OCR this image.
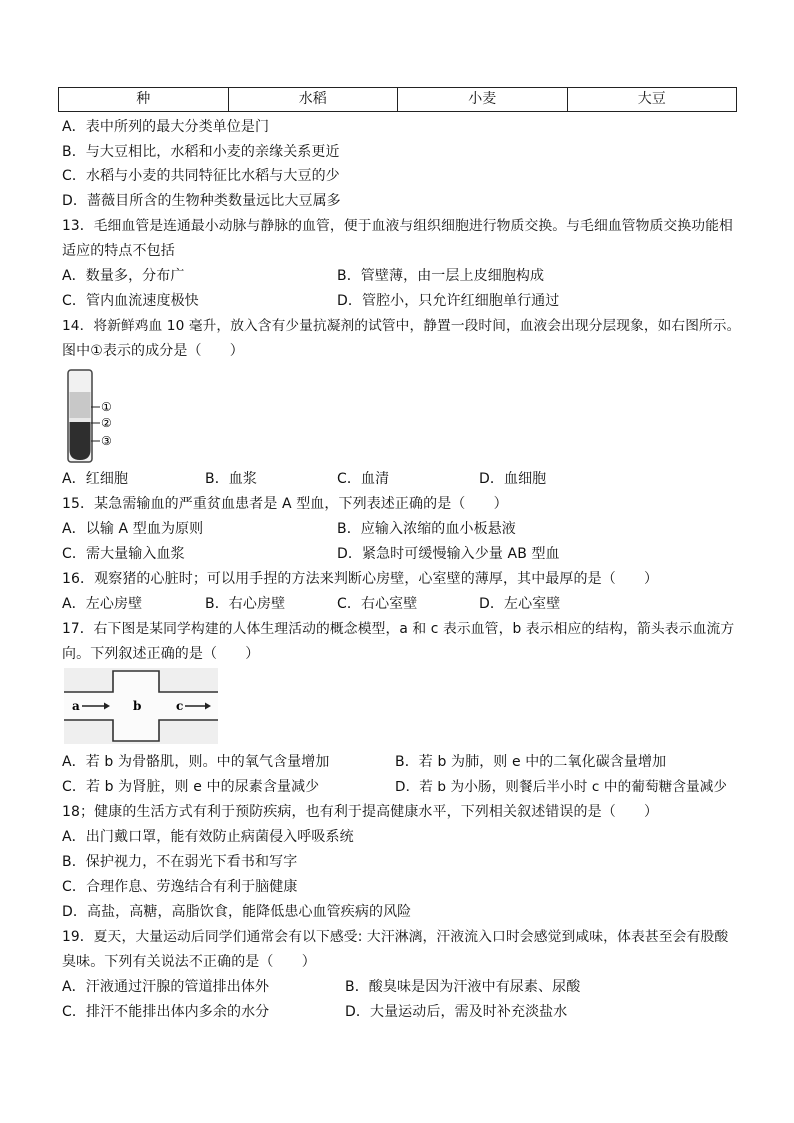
种	水稻	小麦	大豆
A．表中所列的最大分类单位是门
B．与大豆相比，水稻和小麦的亲缘关系更近
C．水稻与小麦的共同特征比水稻与大豆的少
D．蔷薇目所含的生物种类数量远比大豆属多
13．毛细血管是连通最小动脉与静脉的血管，便于血液与组织细胞进行物质交换。与毛细血管物质交换功能相
适应的特点不包括
A．数量多，分布广	B．管壁薄，由一层上皮细胞构成
C．管内血流速度极快	D．管腔小，只允许红细胞单行通过
14．将新鲜鸡血 10 毫升，放入含有少量抗凝剂的试管中，静置一段时间，血液会出现分层现象，如右图所示。
图中①表示的成分是（　　）
①
②
③
A．红细胞	B．血浆	C．血清	D．血细胞
15．某急需输血的严重贫血患者是 A 型血，下列表述正确的是（　　）
A．以输 A 型血为原则	B．应输入浓缩的血小板悬液
C．需大量输入血浆	D．紧急时可缓慢输入少量 AB 型血
16．观察猪的心脏时；可以用手捏的方法来判断心房壁，心室壁的薄厚，其中最厚的是（　　）
A．左心房壁	B．右心房壁	C．右心室壁	D．左心室壁
17．右下图是某同学构建的人体生理活动的概念模型，a 和 c 表示血管，b 表示相应的结构，箭头表示血流方
向。下列叙述正确的是（　　）
a	b	c
A．若 b 为骨骼肌，则。中的氧气含量增加	B．若 b 为肺，则 e 中的二氧化碳含量增加
C．若 b 为肾脏，则 e 中的尿素含量减少	D．若 b 为小肠，则餐后半小时 c 中的葡萄糖含量减少
18；健康的生活方式有利于预防疾病，也有利于提高健康水平，下列相关叙述错误的是（　　）
A．出门戴口罩，能有效防止病菌侵入呼吸系统
B．保护视力，不在弱光下看书和写字
C．合理作息、劳逸结合有利于脑健康
D．高盐，高糖，高脂饮食，能降低患心血管疾病的风险
19．夏天，大量运动后同学们通常会有以下感受: 大汗淋漓，汗液流入口时会感觉到咸味，体表甚至会有股酸
臭味。下列有关说法不正确的是（　　）
A．汗液通过汗腺的管道排出体外	B．酸臭味是因为汗液中有尿素、尿酸
C．排汗不能排出体内多余的水分	D．大量运动后，需及时补充淡盐水
